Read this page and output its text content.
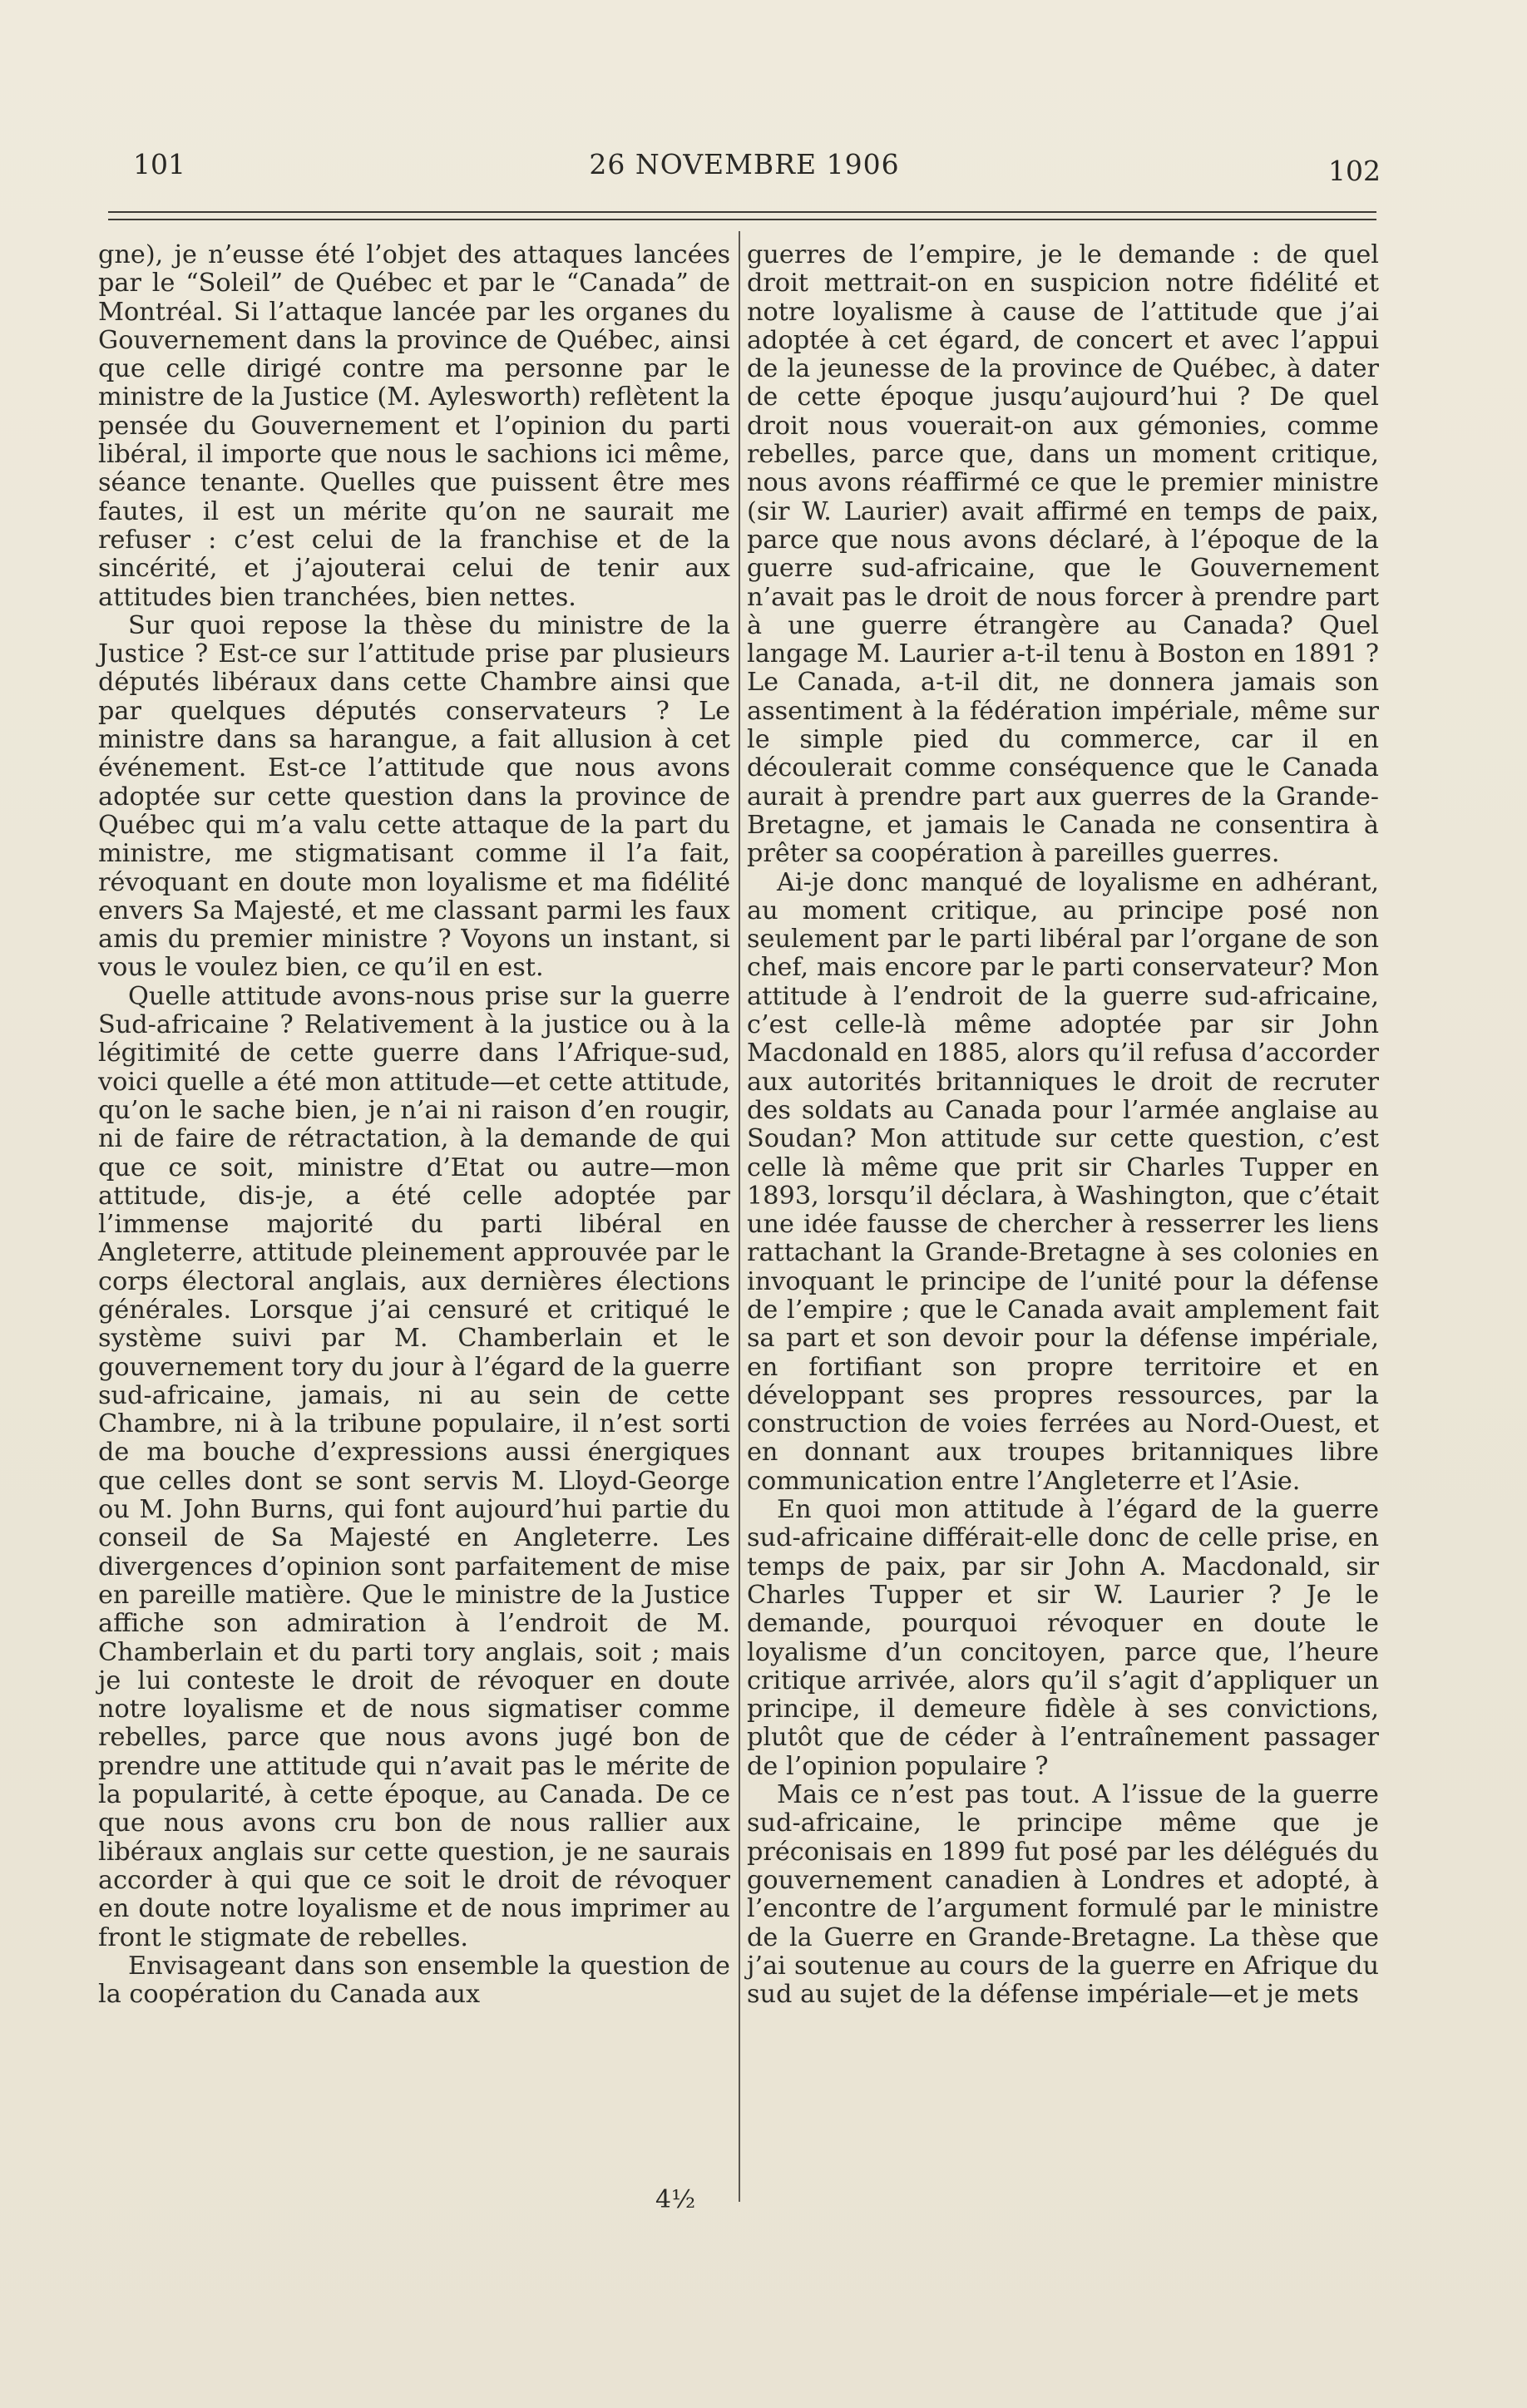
101	26 NOVEMBRE 1906	102

gne), je n’eusse été l’objet des attaques lancées par le “Soleil” de Québec et par le “Canada” de Montréal. Si l’attaque lancée par les organes du Gouvernement dans la province de Québec, ainsi que celle dirigé contre ma personne par le ministre de la Justice (M. Aylesworth) reflètent la pensée du Gouvernement et l’opinion du parti libéral, il importe que nous le sachions ici même, séance tenante. Quelles que puissent être mes fautes, il est un mérite qu’on ne saurait me refuser : c’est celui de la franchise et de la sincérité, et j’ajouterai celui de tenir aux attitudes bien tranchées, bien nettes.

Sur quoi repose la thèse du ministre de la Justice ? Est-ce sur l’attitude prise par plusieurs députés libéraux dans cette Chambre ainsi que par quelques députés conservateurs ? Le ministre dans sa harangue, a fait allusion à cet événement. Est-ce l’attitude que nous avons adoptée sur cette question dans la province de Québec qui m’a valu cette attaque de la part du ministre, me stigmatisant comme il l’a fait, révoquant en doute mon loyalisme et ma fidélité envers Sa Majesté, et me classant parmi les faux amis du premier ministre ? Voyons un instant, si vous le voulez bien, ce qu’il en est.

Quelle attitude avons-nous prise sur la guerre Sud-africaine ? Relativement à la justice ou à la légitimité de cette guerre dans l’Afrique-sud, voici quelle a été mon attitude—et cette attitude, qu’on le sache bien, je n’ai ni raison d’en rougir, ni de faire de rétractation, à la demande de qui que ce soit, ministre d’Etat ou autre—mon attitude, dis-je, a été celle adoptée par l’immense majorité du parti libéral en Angleterre, attitude pleinement approuvée par le corps électoral anglais, aux dernières élections générales. Lorsque j’ai censuré et critiqué le système suivi par M. Chamberlain et le gouvernement tory du jour à l’égard de la guerre sud-africaine, jamais, ni au sein de cette Chambre, ni à la tribune populaire, il n’est sorti de ma bouche d’expressions aussi énergiques que celles dont se sont servis M. Lloyd-George ou M. John Burns, qui font aujourd’hui partie du conseil de Sa Majesté en Angleterre. Les divergences d’opinion sont parfaitement de mise en pareille matière. Que le ministre de la Justice affiche son admiration à l’endroit de M. Chamberlain et du parti tory anglais, soit ; mais je lui conteste le droit de révoquer en doute notre loyalisme et de nous sigmatiser comme rebelles, parce que nous avons jugé bon de prendre une attitude qui n’avait pas le mérite de la popularité, à cette époque, au Canada. De ce que nous avons cru bon de nous rallier aux libéraux anglais sur cette question, je ne saurais accorder à qui que ce soit le droit de révoquer en doute notre loyalisme et de nous imprimer au front le stigmate de rebelles.

Envisageant dans son ensemble la question de la coopération du Canada aux

guerres de l’empire, je le demande : de quel droit mettrait-on en suspicion notre fidélité et notre loyalisme à cause de l’attitude que j’ai adoptée à cet égard, de concert et avec l’appui de la jeunesse de la province de Québec, à dater de cette époque jusqu’aujourd’hui ? De quel droit nous vouerait-on aux gémonies, comme rebelles, parce que, dans un moment critique, nous avons réaffirmé ce que le premier ministre (sir W. Laurier) avait affirmé en temps de paix, parce que nous avons déclaré, à l’époque de la guerre sud-africaine, que le Gouvernement n’avait pas le droit de nous forcer à prendre part à une guerre étrangère au Canada? Quel langage M. Laurier a-t-il tenu à Boston en 1891 ? Le Canada, a-t-il dit, ne donnera jamais son assentiment à la fédération impériale, même sur le simple pied du commerce, car il en découlerait comme conséquence que le Canada aurait à prendre part aux guerres de la Grande-Bretagne, et jamais le Canada ne consentira à prêter sa coopération à pareilles guerres.

Ai-je donc manqué de loyalisme en adhérant, au moment critique, au principe posé non seulement par le parti libéral par l’organe de son chef, mais encore par le parti conservateur? Mon attitude à l’endroit de la guerre sud-africaine, c’est celle-là même adoptée par sir John Macdonald en 1885, alors qu’il refusa d’accorder aux autorités britanniques le droit de recruter des soldats au Canada pour l’armée anglaise au Soudan? Mon attitude sur cette question, c’est celle là même que prit sir Charles Tupper en 1893, lorsqu’il déclara, à Washington, que c’était une idée fausse de chercher à resserrer les liens rattachant la Grande-Bretagne à ses colonies en invoquant le principe de l’unité pour la défense de l’empire ; que le Canada avait amplement fait sa part et son devoir pour la défense impériale, en fortifiant son propre territoire et en développant ses propres ressources, par la construction de voies ferrées au Nord-Ouest, et en donnant aux troupes britanniques libre communication entre l’Angleterre et l’Asie.

En quoi mon attitude à l’égard de la guerre sud-africaine différait-elle donc de celle prise, en temps de paix, par sir John A. Macdonald, sir Charles Tupper et sir W. Laurier ? Je le demande, pourquoi révoquer en doute le loyalisme d’un concitoyen, parce que, l’heure critique arrivée, alors qu’il s’agit d’appliquer un principe, il demeure fidèle à ses convictions, plutôt que de céder à l’entraînement passager de l’opinion populaire ?

Mais ce n’est pas tout. A l’issue de la guerre sud-africaine, le principe même que je préconisais en 1899 fut posé par les délégués du gouvernement canadien à Londres et adopté, à l’encontre de l’argument formulé par le ministre de la Guerre en Grande-Bretagne. La thèse que j’ai soutenue au cours de la guerre en Afrique du sud au sujet de la défense impériale—et je mets

4½
